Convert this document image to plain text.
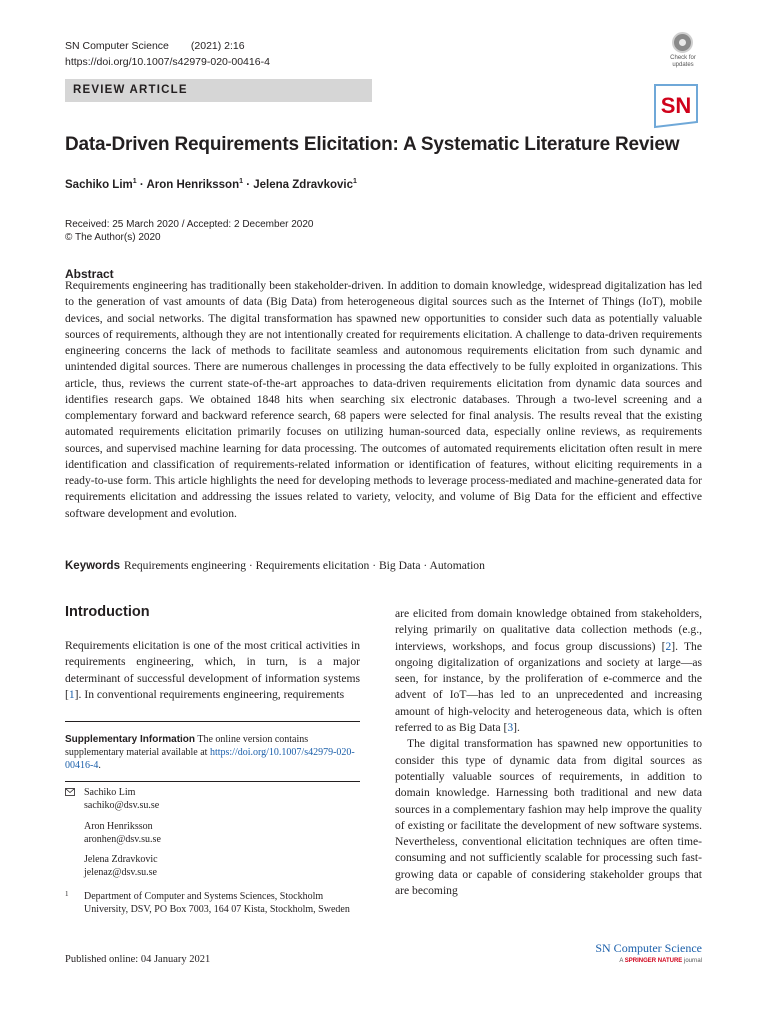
SN Computer Science (2021) 2:16
https://doi.org/10.1007/s42979-020-00416-4
REVIEW ARTICLE
Check for updates
SN
Data-Driven Requirements Elicitation: A Systematic Literature Review
Sachiko Lim$^1$ · Aron Henriksson$^1$ · Jelena Zdravkovic$^1$
Received: 25 March 2020 / Accepted: 2 December 2020
© The Author(s) 2020
Abstract
Requirements engineering has traditionally been stakeholder-driven. In addition to domain knowledge, widespread digitalization has led to the generation of vast amounts of data (Big Data) from heterogeneous digital sources such as the Internet of Things (IoT), mobile devices, and social networks. The digital transformation has spawned new opportunities to consider such data as potentially valuable sources of requirements, although they are not intentionally created for requirements elicitation. A challenge to data-driven requirements engineering concerns the lack of methods to facilitate seamless and autonomous requirements elicitation from such dynamic and unintended digital sources. There are numerous challenges in processing the data effectively to be fully exploited in organizations. This article, thus, reviews the current state-of-the-art approaches to data-driven requirements elicitation from dynamic data sources and identifies research gaps. We obtained 1848 hits when searching six electronic databases. Through a two-level screening and a complementary forward and backward reference search, 68 papers were selected for final analysis. The results reveal that the existing automated requirements elicitation primarily focuses on utilizing human-sourced data, especially online reviews, as requirements sources, and supervised machine learning for data processing. The outcomes of automated requirements elicitation often result in mere identification and classification of requirements-related information or identification of features, without eliciting requirements in a ready-to-use form. This article highlights the need for developing methods to leverage process-mediated and machine-generated data for requirements elicitation and addressing the issues related to variety, velocity, and volume of Big Data for the efficient and effective software development and evolution.
Keywords Requirements engineering · Requirements elicitation · Big Data · Automation
Introduction
Requirements elicitation is one of the most critical activities in requirements engineering, which, in turn, is a major determinant of successful development of information systems [1]. In conventional requirements engineering, requirements

are elicited from domain knowledge obtained from stakeholders, relying primarily on qualitative data collection methods (e.g., interviews, workshops, and focus group discussions) [2]. The ongoing digitalization of organizations and society at large—as seen, for instance, by the proliferation of e-commerce and the advent of IoT—has led to an unprecedented and increasing amount of high-velocity and heterogeneous data, which is often referred to as Big Data [3].

The digital transformation has spawned new opportunities to consider this type of dynamic data from digital sources as potentially valuable sources of requirements, in addition to domain knowledge. Harnessing both traditional and new data sources in a complementary fashion may help improve the quality of existing or facilitate the development of new software systems. Nevertheless, conventional elicitation techniques are often time-consuming and not sufficiently scalable for processing such fast-growing data or capable of considering stakeholder groups that are becoming

Supplementary Information The online version contains supplementary material available at https://doi.org/10.1007/s42979-020-00416-4.
Sachiko Lim
sachiko@dsv.su.se
Aron Henriksson
aronhen@dsv.su.se
Jelena Zdravkovic
jelenaz@dsv.su.se
1 Department of Computer and Systems Sciences, Stockholm University, DSV, PO Box 7003, 164 07 Kista, Stockholm, Sweden
Published online: 04 January 2021
SN Computer Science
A SPRINGER NATURE journal
